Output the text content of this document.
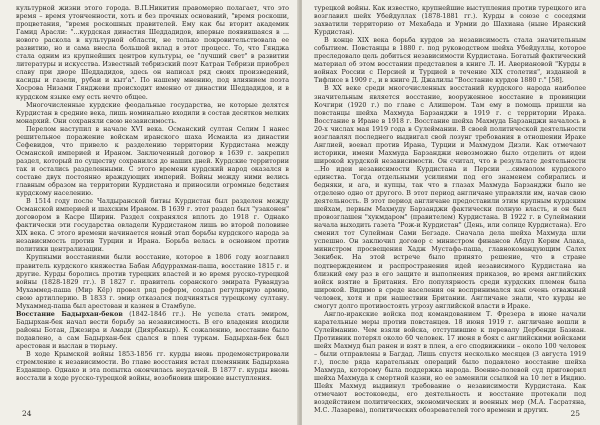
культурной жизни этого города. В.П.Никитин правомерно полагает, что это время – время утонченности, хоть и без прочных оснований, "время роскоши, процветания, "время роскошных правителей. Ему как бы вторит академик Гамид Арасли: "...курдская династия Шеддадидов, впервые появившаяся в ... нового раскола в культурной области, не только покровительствовала ее развитию, но и сама внесла большой вклад в этот процесс. То, что Гянджа стала одним из крупнейших центров культуры, ее "лучший свет" в развитии литературы и искусства. Известный тебризский поэт Катран Тебризи приобрел славу при дворе Шеддадидов, здесь он написал ряд своих произведений, касиды и газели, рубаи и кыт'а". По нашему мнению, под влиянием поэта Хосрова Низами Гянджеви происходит именно от династии Шеддадидов, и в курдском языке ему есть нечто общее.

Многочисленные курдские феодальные государства, не которые делятся Курдистан в средние века, лишь номинально входили в состав десятков мелких монархий. Они сохраняли свою независимость.

Перелом наступил в начале XVI века. Османский султан Селим I нанес решительное поражение войскам иранского шаха Исмаила из династии Сефевидов, что привело к разделению территории Курдистана между Османской империей и Ираном. Заключенный договор в 1639 г. закрепил раздел, который по существу сохранился до наших дней. Курдские территории так и остались разделенными. С этого времени курдский народ оказался в составе двух постоянно враждующих империй. Войны между ними велись главным образом на территории Курдистана и приносили огромные бедствия курдскому населению.

В 1514 году после Чалдыранской битвы Курдистан был разделен между Османской империей и шахским Ираном. В 1639 г. этот раздел был "узаконен" договором в Касре Ширин. Раздел сохранялся вплоть до 1918 г. Однако фактически эти государства овладели Курдистаном лишь во второй половине XIX века. С этого времени начинается новый этап борьбы курдского народа за независимость против Турции и Ирана. Борьба велась в основном против политики централизации.

Крупными восстаниями были восстание, которое в 1806 году возглавил правитель курдского княжества Бабан Абдуррахман-паша, восстание 1815 г. и другие. Курды боролись против турецких властей и во время русско-турецкой войны (1828-1829 гг.). В 1827 г. правитель соранского эмирата Рувандуза Мухаммед-паша (Мир Кёр) провел ряд реформ, создал регулярную армию, свою артиллерию. В 1833 г. эмир отказался подчиняться турецкому султану. Мухаммед-паша был арестован и казнен в Стамбуле.

Восстание Бадырхан-беков (1842-1846 гг.). Не успела стать эмиром, Бадырхан-бек начал вести борьбу за независимость. В его владения входили районы Ботан, Джезира и Амади (Диярбакыр). К сожалению, восстание было подавлено, а сам Бадырхан-бек сдался в плен туркам. Бадырхан-бек был арестован и выслан в тюрьму.

В ходе Крымской войны 1853-1856 гг. курды вновь продемонстрировали стремление к независимости. Во главе восстания встал племянник Бадырхана Езданшер. Однако и эта попытка окончилась неудачей. В 1877 г. курды вновь восстали в ходе русско-турецкой войны, возобновив широкие выступления.

24

турецкой войны. Как известно, крупнейшие выступления против турецкого ига возглавил шейх Убейдуллах (1878-1881 гг.). Курды в союзе с соседями захватили территорию от Мехабада и Урмии до Шахиана (ныне Иранский Курдистан).

В конце XIX века борьба курдов за независимость стала значительным событием. Повстанцы в 1880 г. под руководством шейха Убейдуллы, которое преследовало цель добиться независимости Курдистана. Богатый фактический материал об этом восстании представлен в книге Л. И. Авериановой "Курды в войнах России с Персией и Турцией в течение XIX столетия", изданной в Тифлисе в 1909 г., и в книге Д. Джалилы "Восстание курдов 1880 г." [58].

В XX веке среди многочисленных восстаний курдского народа наиболее значительным является восстание, вооруженное восстание в провинции Кочгири (1920 г.) по главе с Алишером. Там ему в помощь пришли на повстанцы шейха Махмуда Барзанджи в 1919 г. с территории Ирака. Восстание в Иране в 1918 г. Восстание шейха Махмуда Барзанджи началось в 20-х числах мая 1919 года в Сулеймании. В своей политической деятельности возглавлял последнего выдвигал свой лозунг требования в отношении Ираке Англией, воевал против Ирана, Турции и Махмудом Дизли. Как отмечают историки, имени Махмуда Барзанджи невозможно было отделить от идеи широкой курдской независимости. Он считал, что в результате деятельности ...Но идеи независимости Курдистана и Персии ...символом курдского единства. Тогда отдельными усилиями под его знаменем собирались и бедняки, и ага, и купцы, так что в глазах Махмуда Барзанджи было не отделено одно от другого. В этот период англичане управляли им, начав свою деятельность. В этот период англичане предоставили этим крупным курдским шейхам, первым Махмуду Барзанджи фактически полную власть, и он был провозглашен "хукмдаром" (правителем) Курдистана. В 1922 г. в Сулеймании начала выходить газета "Рож-и Курдистан" (День, или солнце Курдистана). Его сменил тот Сулейман Сами Бегзаде. Сначала дела шейха Махмуда шли успешно. Он заключил договор с министром финансов Абдул Керим Алака, министром просвещения Хадж Мустафа-паша, главнокомандующим Салех Зекибек. На этой встрече было принято решение, что в стране подтверждением и распространения идей независимого Курдистана на близкий ему раз в его защите и выполнения приказов, во время английских войск взятие в Британия. Его популярность среди курдских племен была широкой. Видимо в среде населения он воспринимался как очень отважный человек, хотя и при нашествии Британии. Англичане знали, что курды не смогут долго противостоять угрозу английской власти в Ираке.

Англо-иракские войска под командованием Т. Фрезера в июне начали карательные меры против повстанцев. 18 июня 1919 г. англичане вошли в Сулейманию. Чем взяли войска, отступившие к перевалу Дербенди Базиан. Противник потерял около 60 человек. 17 июня в боях с английскими войсками шейх Махмуд был ранен и взят в плен, а его сподвижники – около 100 человек – были отправлены в Багдад. Лишь спустя несколько месяцев (3 августа 1919 г.), после ряда карательных операций было подавлено восстание шейха Махмуда, которому была поддержка народа. Военно-полевой суд приговорил шейха Махмуда к смертной казни, но ее заменили ссылкой на 10 лет в Индию. Шейх Махмуд выдвинул требование о независимости Курдистана. Как отмечают востоковеды, его деятельность и восстание протекали под воздействием политических, экономических и военных мер (М.А. Гасратяна, М.С. Лазарева), политических обозревателей того времени и других.	25
